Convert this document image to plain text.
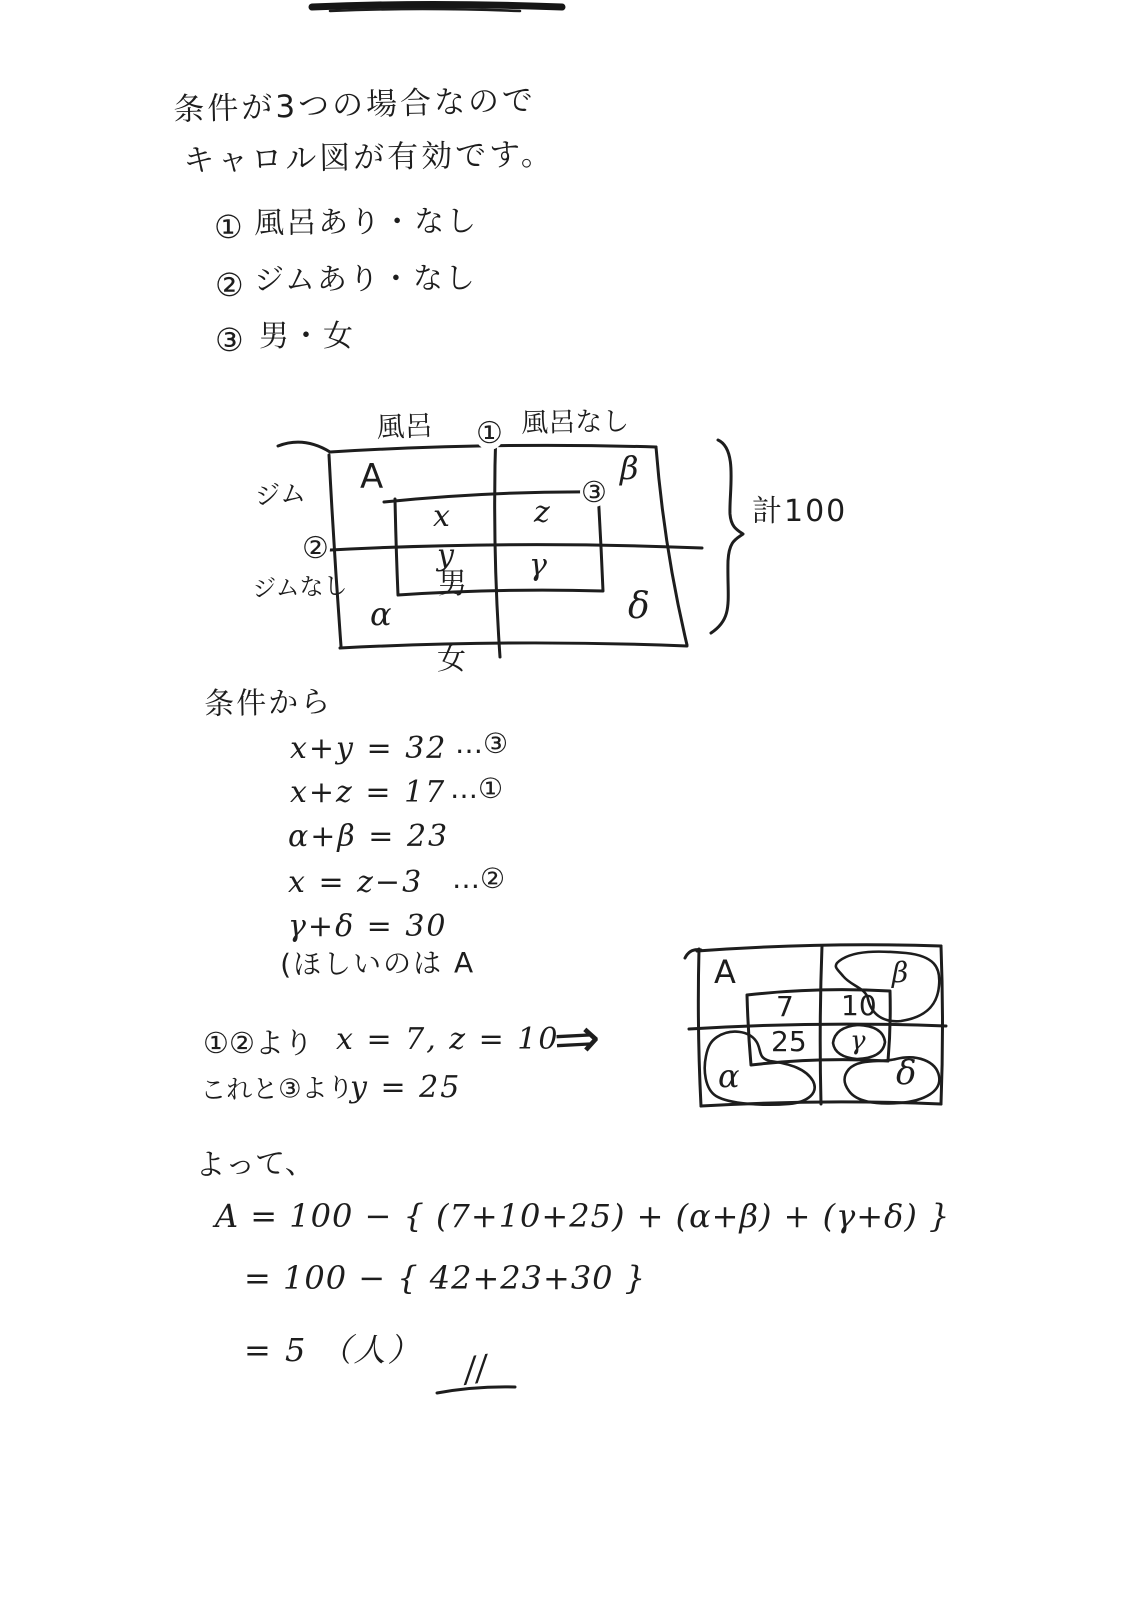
条件が3つの場合なので
キャロル図が有効です。
① 風呂あり・なし
② ジムあり・なし
③ 男・女
風呂 ① 風呂なし
ジム
②
ジムなし
③
A	β
α	δ
x	z
y	γ
男
女
計100
条件から
x+y = 32 …③
x+z = 17 …①
α+β = 23
x = z−3 …②
γ+δ = 30
(ほしいのは A
①②より x = 7, z = 10
⇒
これと③より
y = 25
A	β
α	δ
7 10
25 γ
よって、
A = 100 − { (7+10+25) + (α+β) + (γ+δ) }
= 100 − { 42+23+30 }
= 5 （人） //
